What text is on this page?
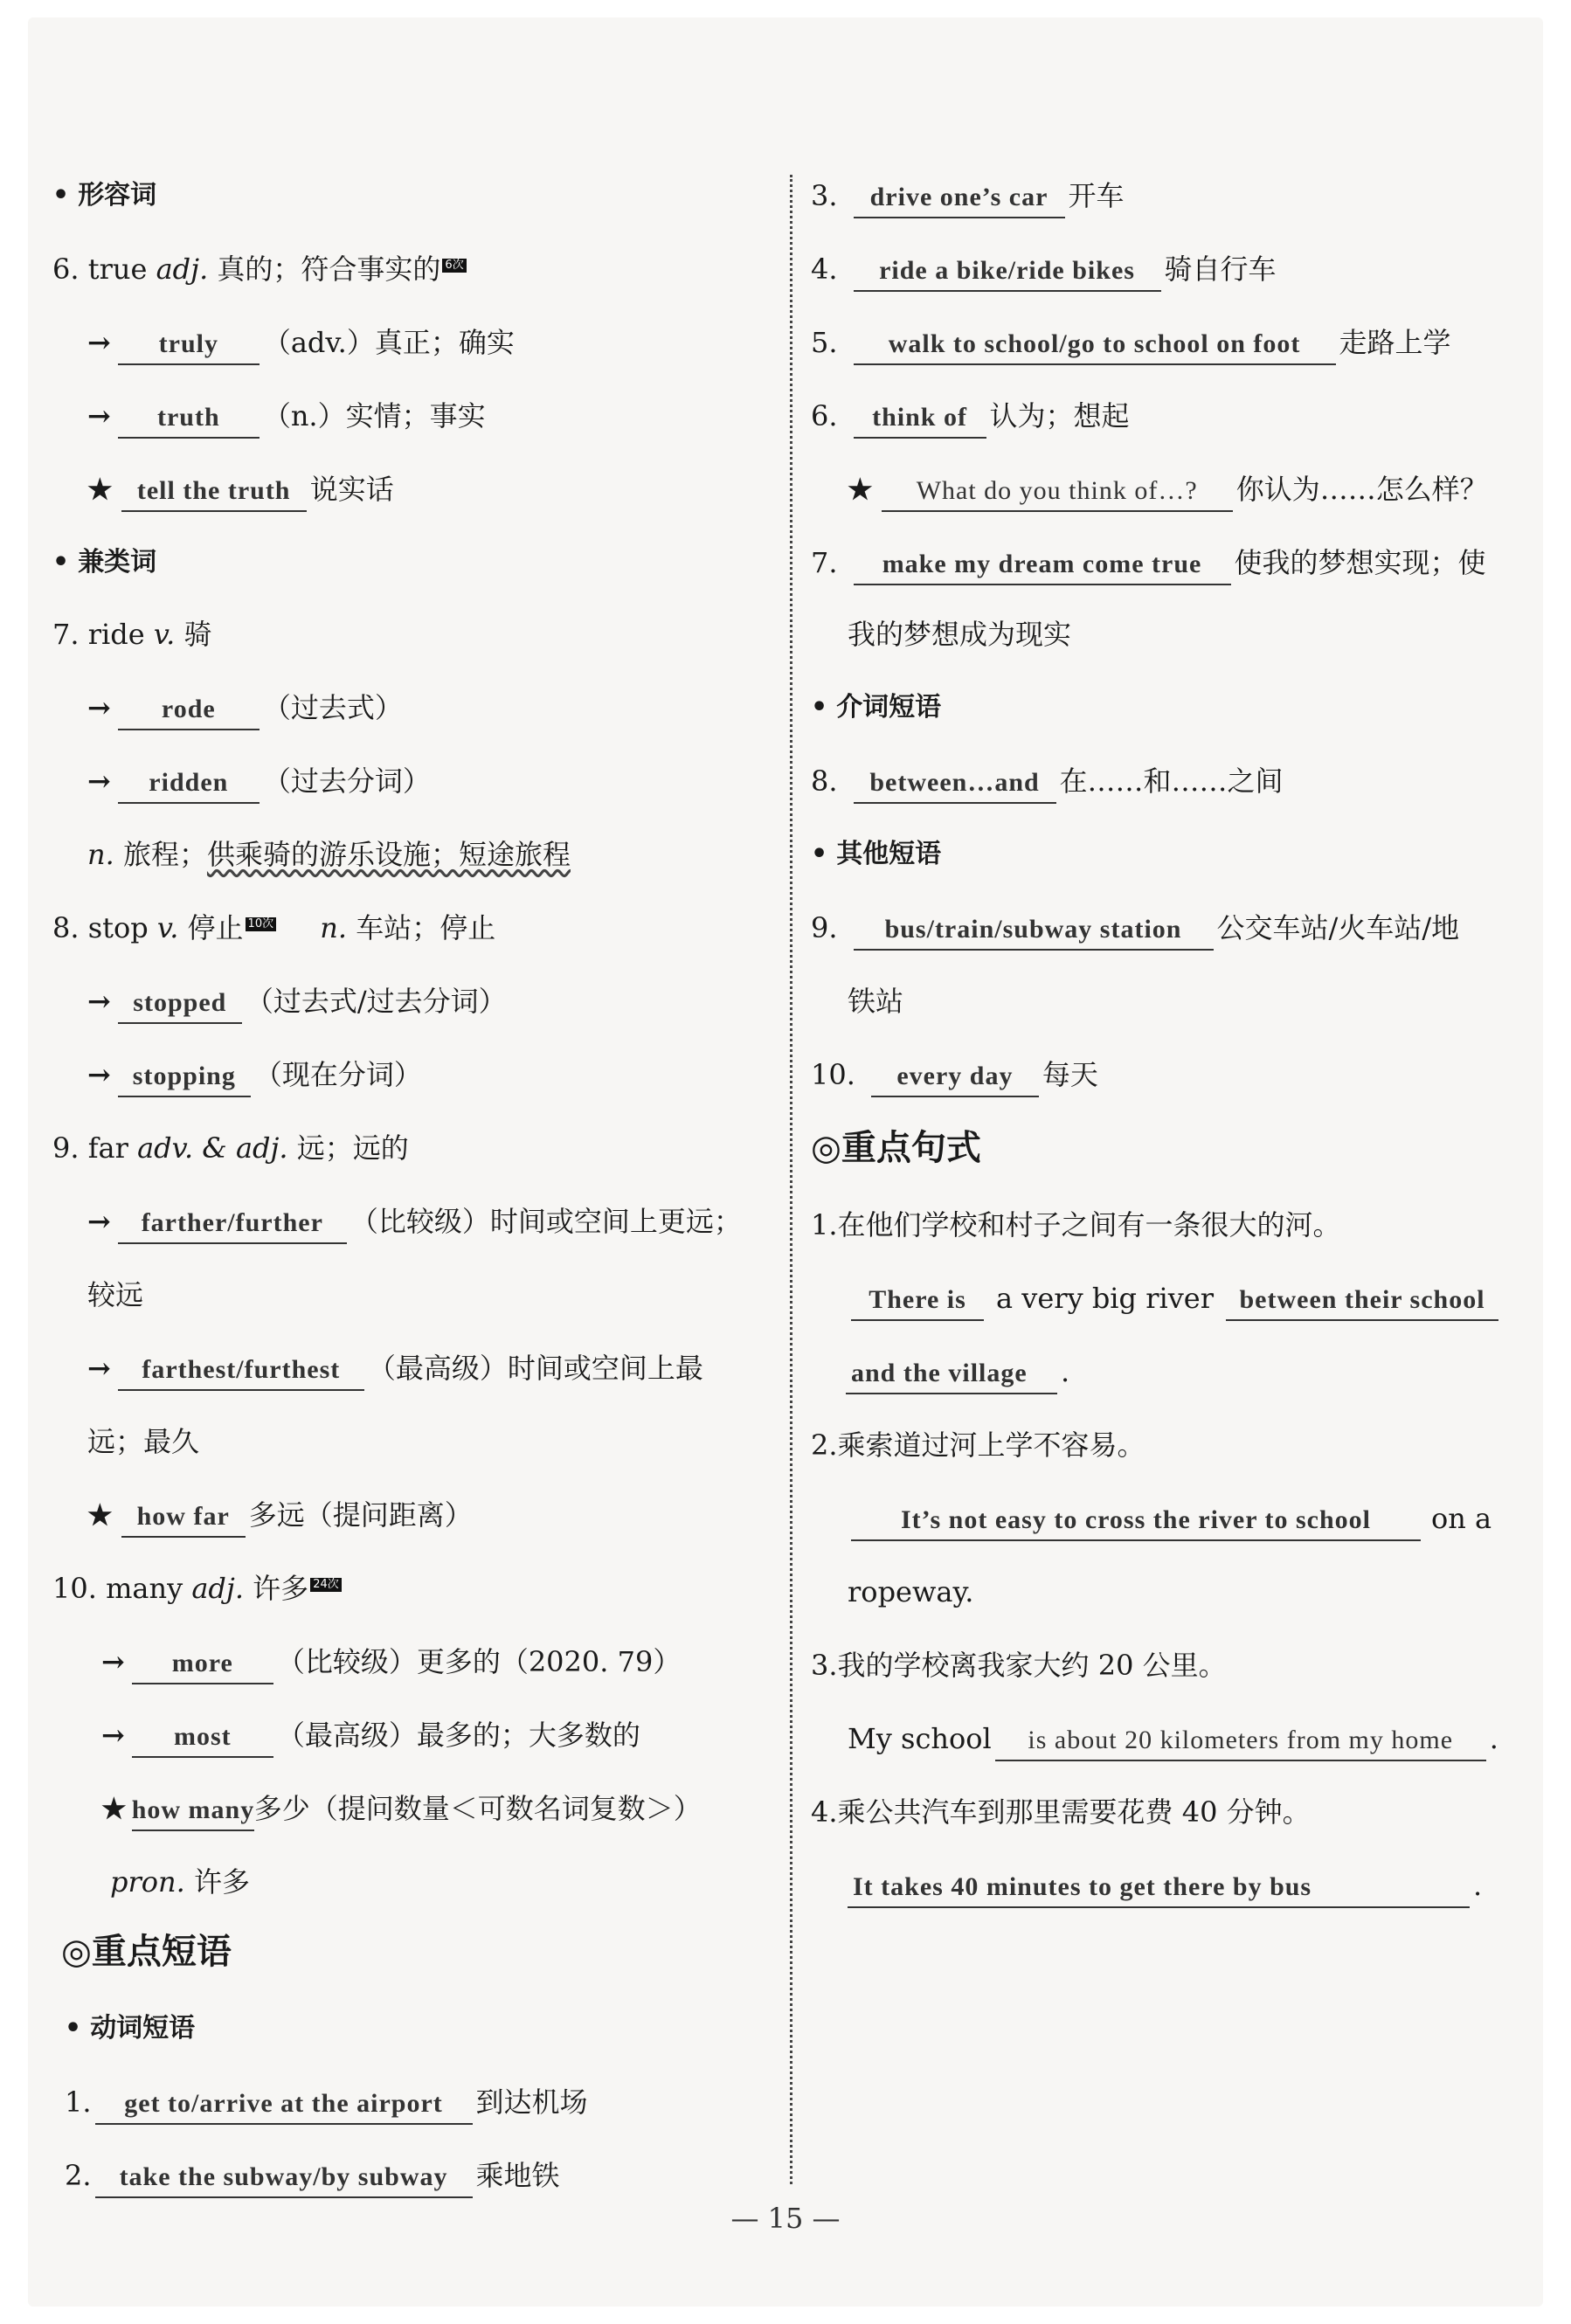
• 形容词
6. true adj. 真的；符合事实的 6次
→ truly （adv.）真正；确实
→ truth （n.）实情；事实
★ tell the truth 说实话
• 兼类词
7. ride v. 骑
→ rode （过去式）
→ ridden （过去分词）
n. 旅程；供乘骑的游乐设施；短途旅程
8. stop v. 停止 10次 n. 车站；停止
→ stopped （过去式/过去分词）
→ stopping （现在分词）
9. far adv. & adj. 远；远的
→ farther/further （比较级）时间或空间上更远；
较远
→ farthest/furthest （最高级）时间或空间上最
远；最久
★ how far 多远（提问距离）
10. many adj. 许多 24次
→ more （比较级）更多的（2020. 79）
→ most （最高级）最多的；大多数的
★ how many多少（提问数量＜可数名词复数＞）
pron. 许多
◎重点短语
• 动词短语
1. get to/arrive at the airport 到达机场
2. take the subway/by subway 乘地铁
3. drive one’s car 开车
4. ride a bike/ride bikes 骑自行车
5. walk to school/go to school on foot 走路上学
6. think of 认为；想起
★ What do you think of…? 你认为……怎么样？
7. make my dream come true 使我的梦想实现；使
我的梦想成为现实
• 介词短语
8. between…and 在……和……之间
• 其他短语
9. bus/train/subway station 公交车站/火车站/地
铁站
10. every day 每天
◎重点句式
1.在他们学校和村子之间有一条很大的河。
There is a very big river between their school
and the village .
2.乘索道过河上学不容易。
It’s not easy to cross the river to school on a
ropeway.
3.我的学校离我家大约 20 公里。
My school is about 20 kilometers from my home .
4.乘公共汽车到那里需要花费 40 分钟。
It takes 40 minutes to get there by bus	.
— 15 —
